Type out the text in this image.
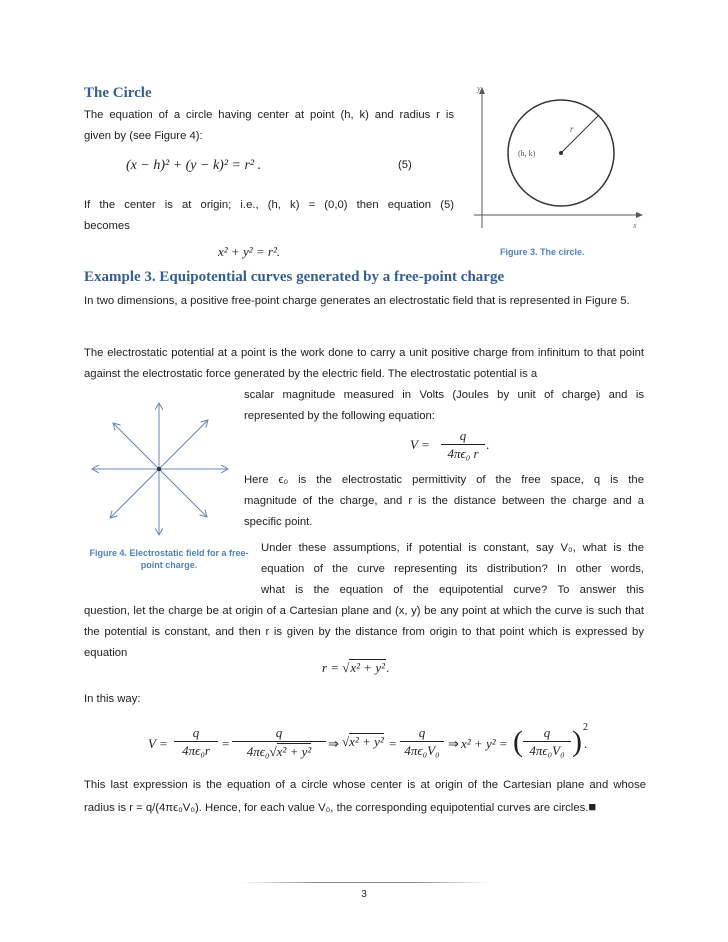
The Circle
The equation of a circle having center at point (h, k) and radius r is
given by (see Figure 4):
(x − h)² + (y − k)² = r² .	(5)
If the center is at origin; i.e., (h, k) = (0,0) then equation (5)
becomes
x² + y² = r².
y
x
r
(h, k)
Figure 3. The circle.
Example 3. Equipotential curves generated by a free-point charge
In two dimensions, a positive free-point charge generates an electrostatic field that is represented in Figure 5.
The electrostatic potential at a point is the work done to carry a unit positive charge from infinitum to that point against the electrostatic force generated by the electric field. The electrostatic potential is a
scalar magnitude measured in Volts (Joules by unit of charge) and is
represented by the following equation:
$V = \frac{q}{\text{4πϵ₀ r}}$ .
Figure 4. Electrostatic field for a free-
point charge.
Here ϵ₀ is the electrostatic permittivity of the free space, q is the
magnitude of the charge, and r is the distance between the charge and a
specific point.
Under these assumptions, if potential is constant, say V₀, what is the
equation of the curve representing its distribution? In other words,
what is the equation of the equipotential curve? To answer this
question, let the charge be at origin of a Cartesian plane and (x, y) be any point at which the curve is such that the potential is constant, and then r is given by the distance from origin to that point which is expressed by equation
r = √x² + y².
In this way:
$V = \frac{q}{\text{4πϵ₀r}} = \frac{q}{\text{4πϵ₀√x² + y²}}$ ⇒ $√x^2 + y^2 = \frac{q}{\text{4πϵ₀V₀}}$ ⇒ x² + y² = ( $\frac{q}{\text{4πϵ₀V₀}}$ ) 2
.
This last expression is the equation of a circle whose center is at origin of the Cartesian plane and whose
radius is r = q/(4πϵ₀V₀). Hence, for each value V₀, the corresponding equipotential curves are circles.■
3
